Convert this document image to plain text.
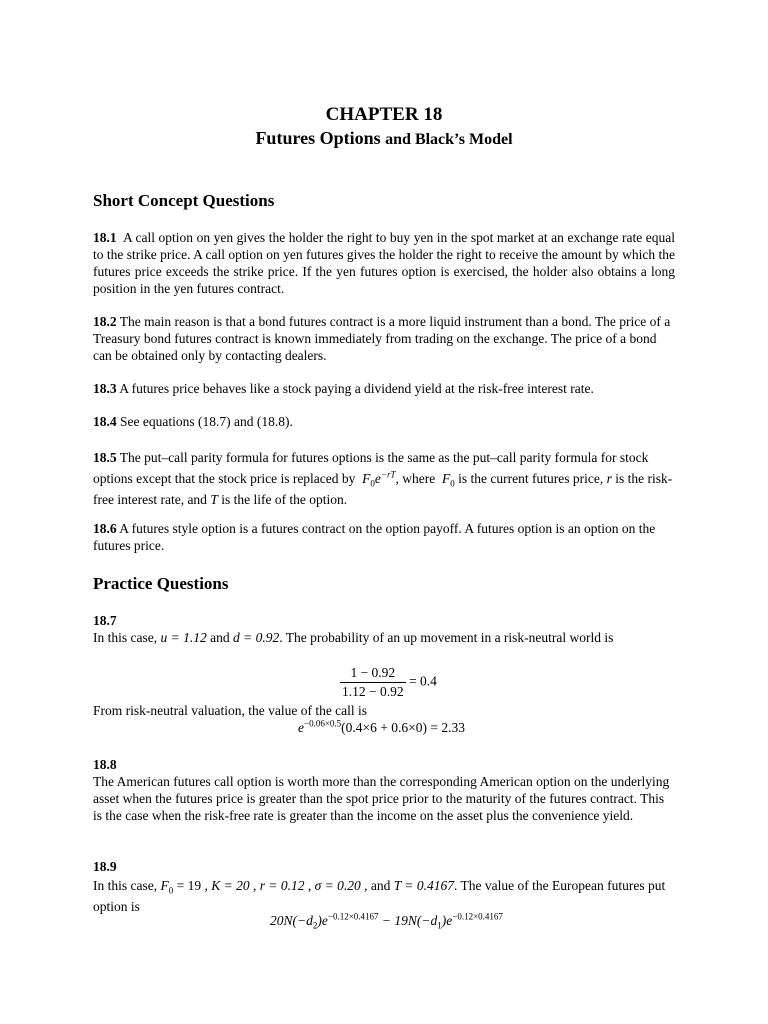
CHAPTER 18
Futures Options and Black’s Model
Short Concept Questions
18.1 A call option on yen gives the holder the right to buy yen in the spot market at an exchange rate equal to the strike price. A call option on yen futures gives the holder the right to receive the amount by which the futures price exceeds the strike price. If the yen futures option is exercised, the holder also obtains a long position in the yen futures contract.
18.2 The main reason is that a bond futures contract is a more liquid instrument than a bond. The price of a Treasury bond futures contract is known immediately from trading on the exchange. The price of a bond can be obtained only by contacting dealers.
18.3 A futures price behaves like a stock paying a dividend yield at the risk-free interest rate.
18.4 See equations (18.7) and (18.8).
18.5 The put–call parity formula for futures options is the same as the put–call parity formula for stock options except that the stock price is replaced by $F_0e^{-rT}$, where $F_0$ is the current futures price, r is the risk-free interest rate, and T is the life of the option.
18.6 A futures style option is a futures contract on the option payoff. A futures option is an option on the futures price.
Practice Questions
18.7
In this case, u = 1.12 and d = 0.92. The probability of an up movement in a risk-neutral world is
$\frac{1 - 0.92}{1.12 - 0.92} = 0.4$
From risk-neutral valuation, the value of the call is
$e^{-0.06\times 0.5}(0.4\times 6 + 0.6\times 0) = 2.33$
18.8
The American futures call option is worth more than the corresponding American option on the underlying asset when the futures price is greater than the spot price prior to the maturity of the futures contract. This is the case when the risk-free rate is greater than the income on the asset plus the convenience yield.
18.9
In this case, $F_0 = 19$ , K = 20 , r = 0.12 , σ = 0.20 , and T = 0.4167. The value of the European futures put option is
$20N(-d_2)e^{-0.12\times 0.4167} - 19N(-d_1)e^{-0.12\times 0.4167}$
